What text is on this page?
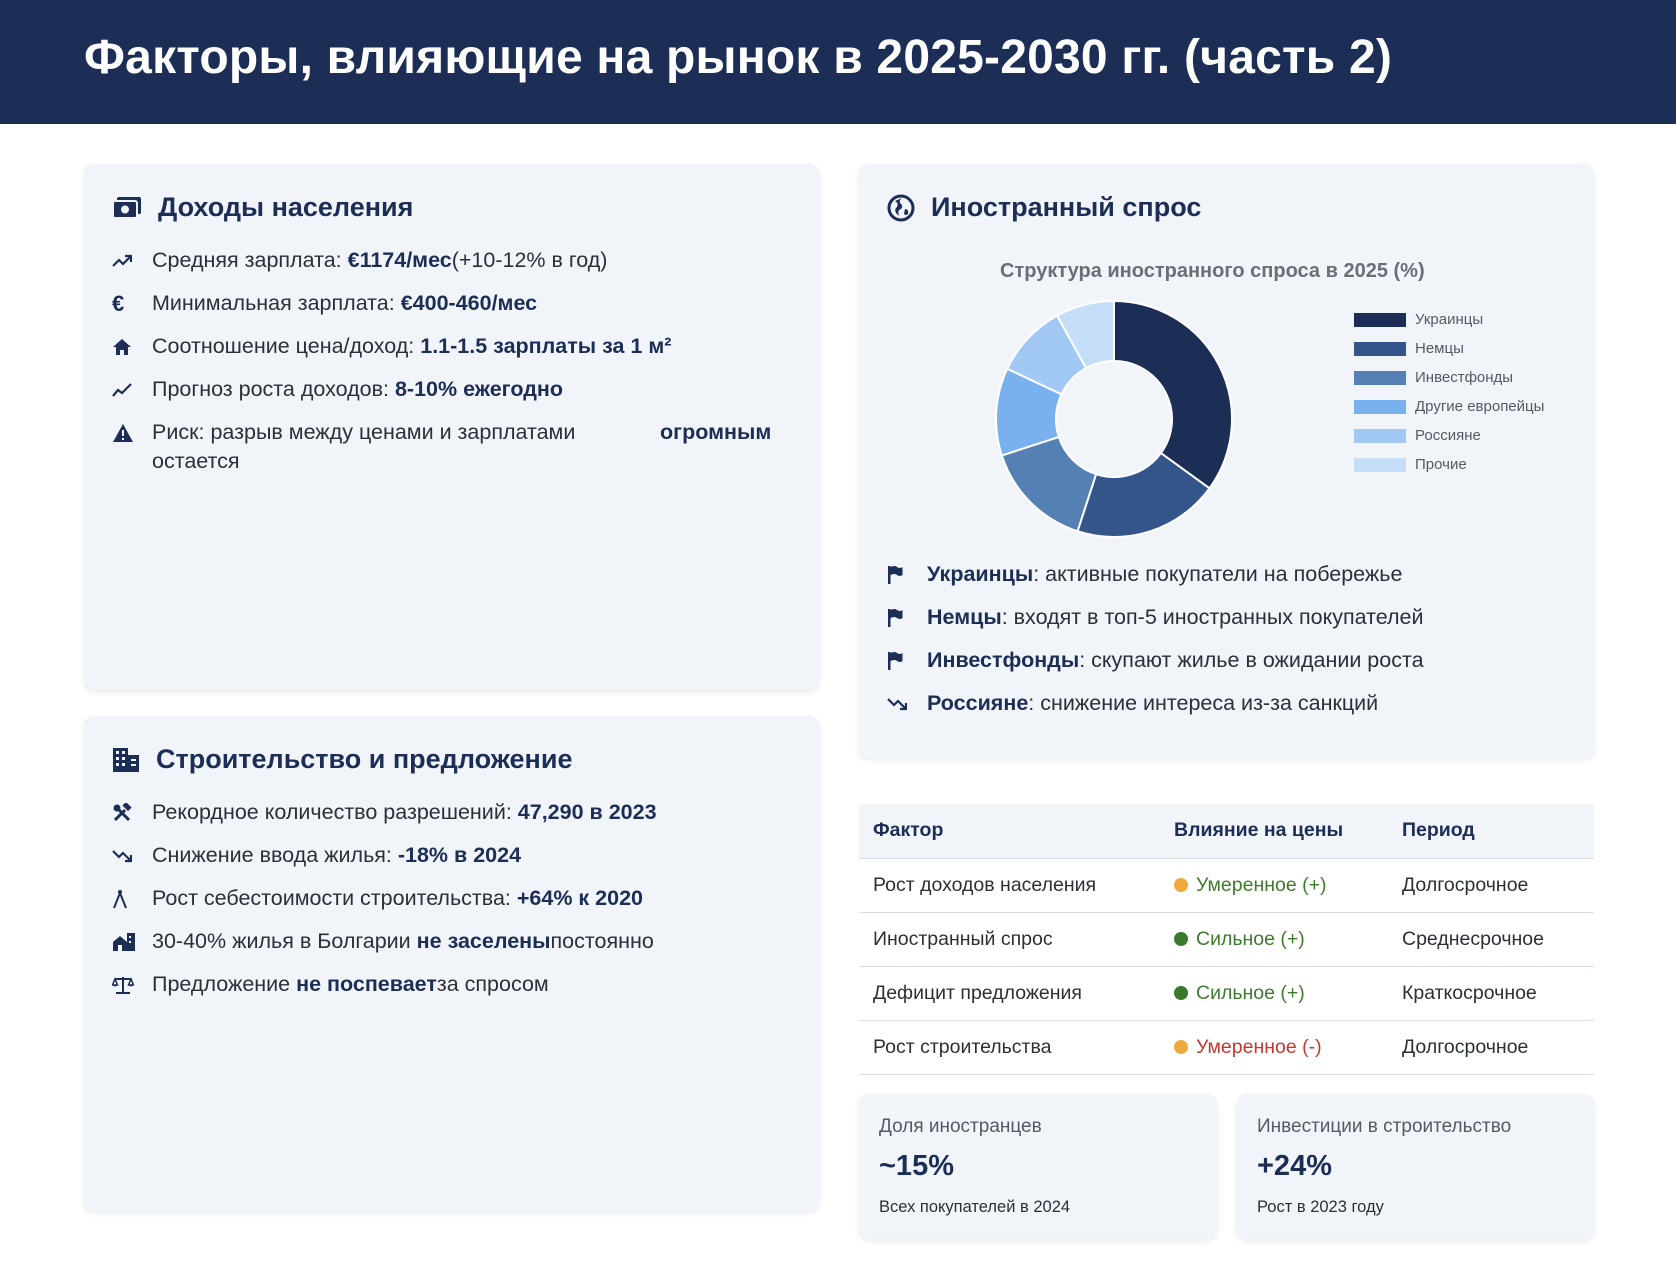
Факторы, влияющие на рынок в 2025-2030 гг. (часть 2)
Доходы населения
Средняя зарплата: €1174/мес(+10-12% в год)
€ Минимальная зарплата: €400-460/мес
Соотношение цена/доход: 1.1-1.5 зарплаты за 1 м²
Прогноз роста доходов: 8-10% ежегодно
Риск: разрыв между ценами и зарплатами остается
огромным
Строительство и предложение
Рекордное количество разрешений: 47,290 в 2023
Снижение ввода жилья: -18% в 2024
Рост себестоимости строительства: +64% к 2020
30-40% жилья в Болгарии не заселеныпостоянно
Предложение не поспеваетза спросом
Иностранный спрос
Структура иностранного спроса в 2025 (%)
Украинцы
Немцы
Инвестфонды
Другие европейцы
Россияне
Прочие
Украинцы: активные покупатели на побережье
Немцы: входят в топ-5 иностранных покупателей
Инвестфонды: скупают жилье в ожидании роста
Россияне: снижение интереса из-за санкций
Фактор	Влияние на цены	Период
Рост доходов населения	Умеренное (+)	Долгосрочное
Иностранный спрос	Сильное (+)	Среднесрочное
Дефицит предложения	Сильное (+)	Краткосрочное
Рост строительства	Умеренное (-)	Долгосрочное
Доля иностранцев
~15%
Всех покупателей в 2024
Инвестиции в строительство
+24%
Рост в 2023 году
